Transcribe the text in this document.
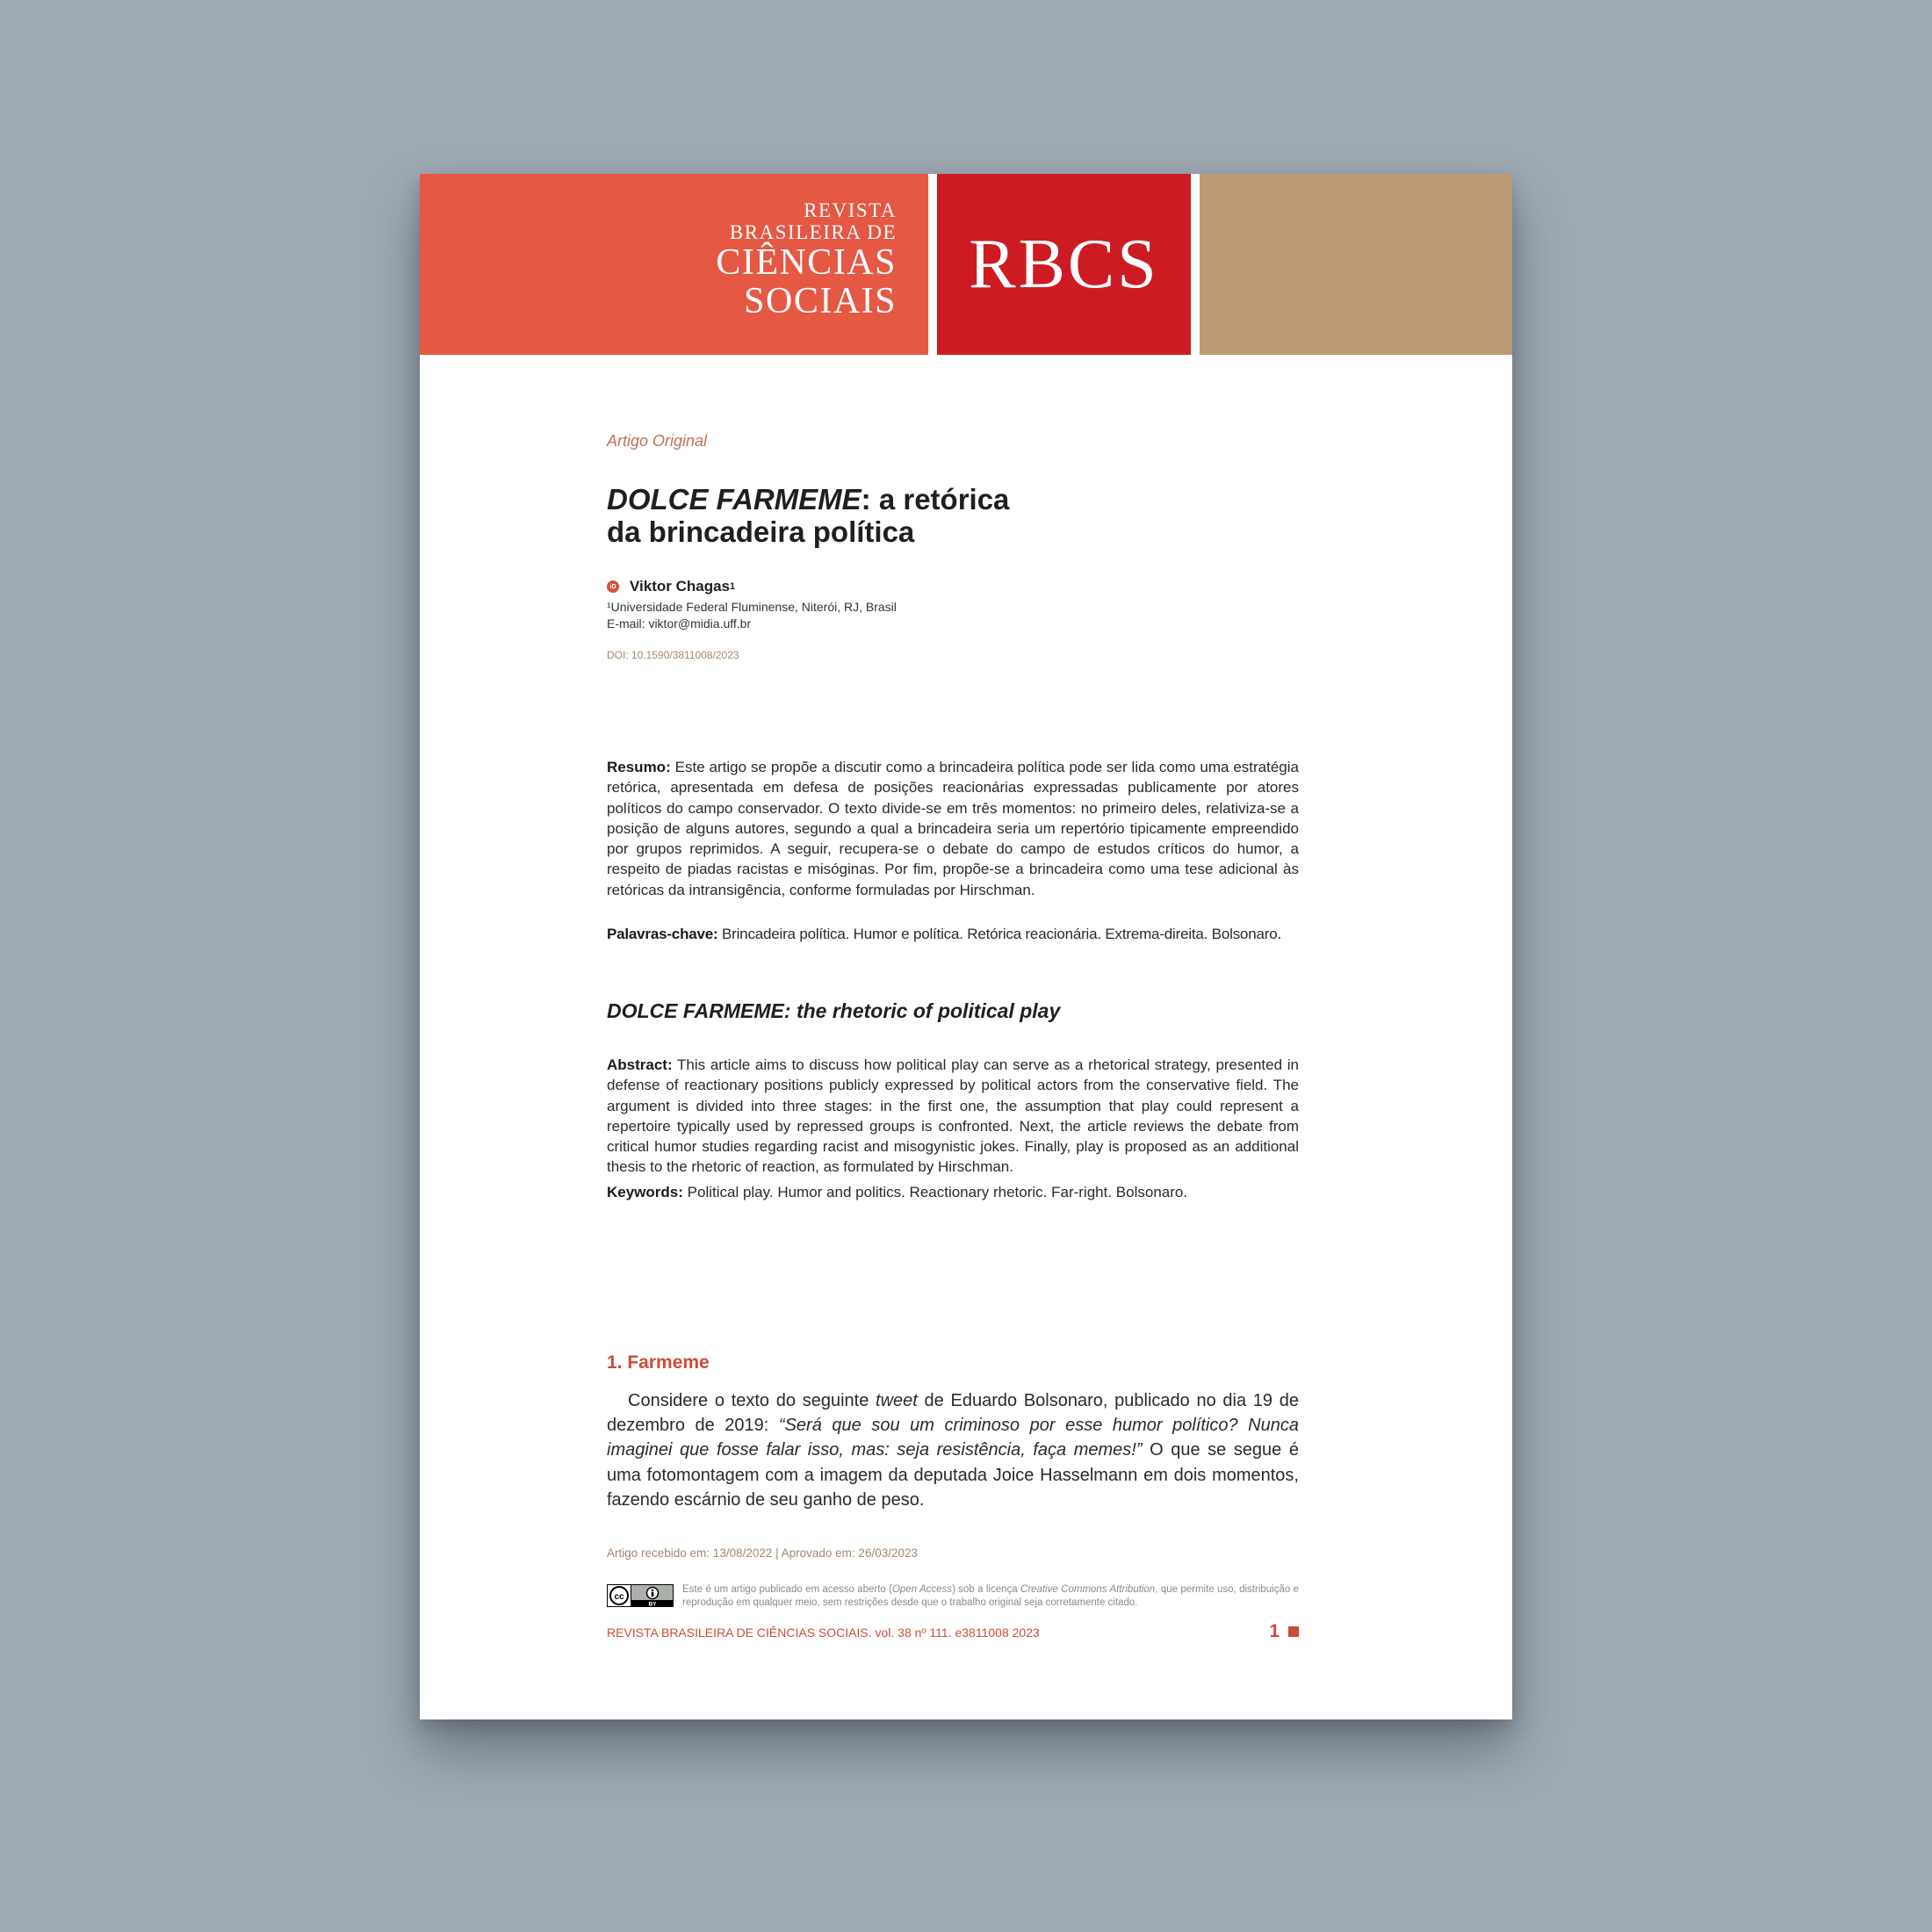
REVISTA
BRASILEIRA DE
CIÊNCIAS
SOCIAIS RBCS
Artigo Original
DOLCE FARMEME: a retórica
da brincadeira política
iD Viktor Chagas 1
¹Universidade Federal Fluminense, Niterói, RJ, Brasil
E-mail: viktor@midia.uff.br
DOI: 10.1590/3811008/2023

Resumo: Este artigo se propõe a discutir como a brincadeira política pode ser lida como uma estratégia retórica, apresentada em defesa de posições reacionárias expressadas publicamente por atores políticos do campo conservador. O texto divide-se em três momentos: no primeiro deles, relativiza-se a posição de alguns autores, segundo a qual a brincadeira seria um repertório tipicamente empreendido por grupos reprimidos. A seguir, recupera-se o debate do campo de estudos críticos do humor, a respeito de piadas racistas e misóginas. Por fim, propõe-se a brincadeira como uma tese adicional às retóricas da intransigência, conforme formuladas por Hirschman.

Palavras-chave: Brincadeira política. Humor e política. Retórica reacionária. Extrema-direita. Bolsonaro.

DOLCE FARMEME: the rhetoric of political play

Abstract: This article aims to discuss how political play can serve as a rhetorical strategy, presented in defense of reactionary positions publicly expressed by political actors from the conservative field. The argument is divided into three stages: in the first one, the assumption that play could represent a repertoire typically used by repressed groups is confronted. Next, the article reviews the debate from critical humor studies regarding racist and misogynistic jokes. Finally, play is proposed as an additional thesis to the rhetoric of reaction, as formulated by Hirschman.

Keywords: Political play. Humor and politics. Reactionary rhetoric. Far-right. Bolsonaro.

1. Farmeme

Considere o texto do seguinte tweet de Eduardo Bolsonaro, publicado no dia 19 de dezembro de 2019: “Será que sou um criminoso por esse humor político? Nunca imaginei que fosse falar isso, mas: seja resistência, faça memes!” O que se segue é uma fotomontagem com a imagem da deputada Joice Hasselmann em dois momentos, fazendo escárnio de seu ganho de peso.

Artigo recebido em: 13/08/2022 | Aprovado em: 26/03/2023
cc
BY
Este é um artigo publicado em acesso aberto (Open Access) sob a licença Creative Commons Attribution, que permite uso, distribuição e reprodução em qualquer meio, sem restrições desde que o trabalho original seja corretamente citado.
REVISTA BRASILEIRA DE CIÊNCIAS SOCIAIS. vol. 38 nº 111. e3811008 2023	1
